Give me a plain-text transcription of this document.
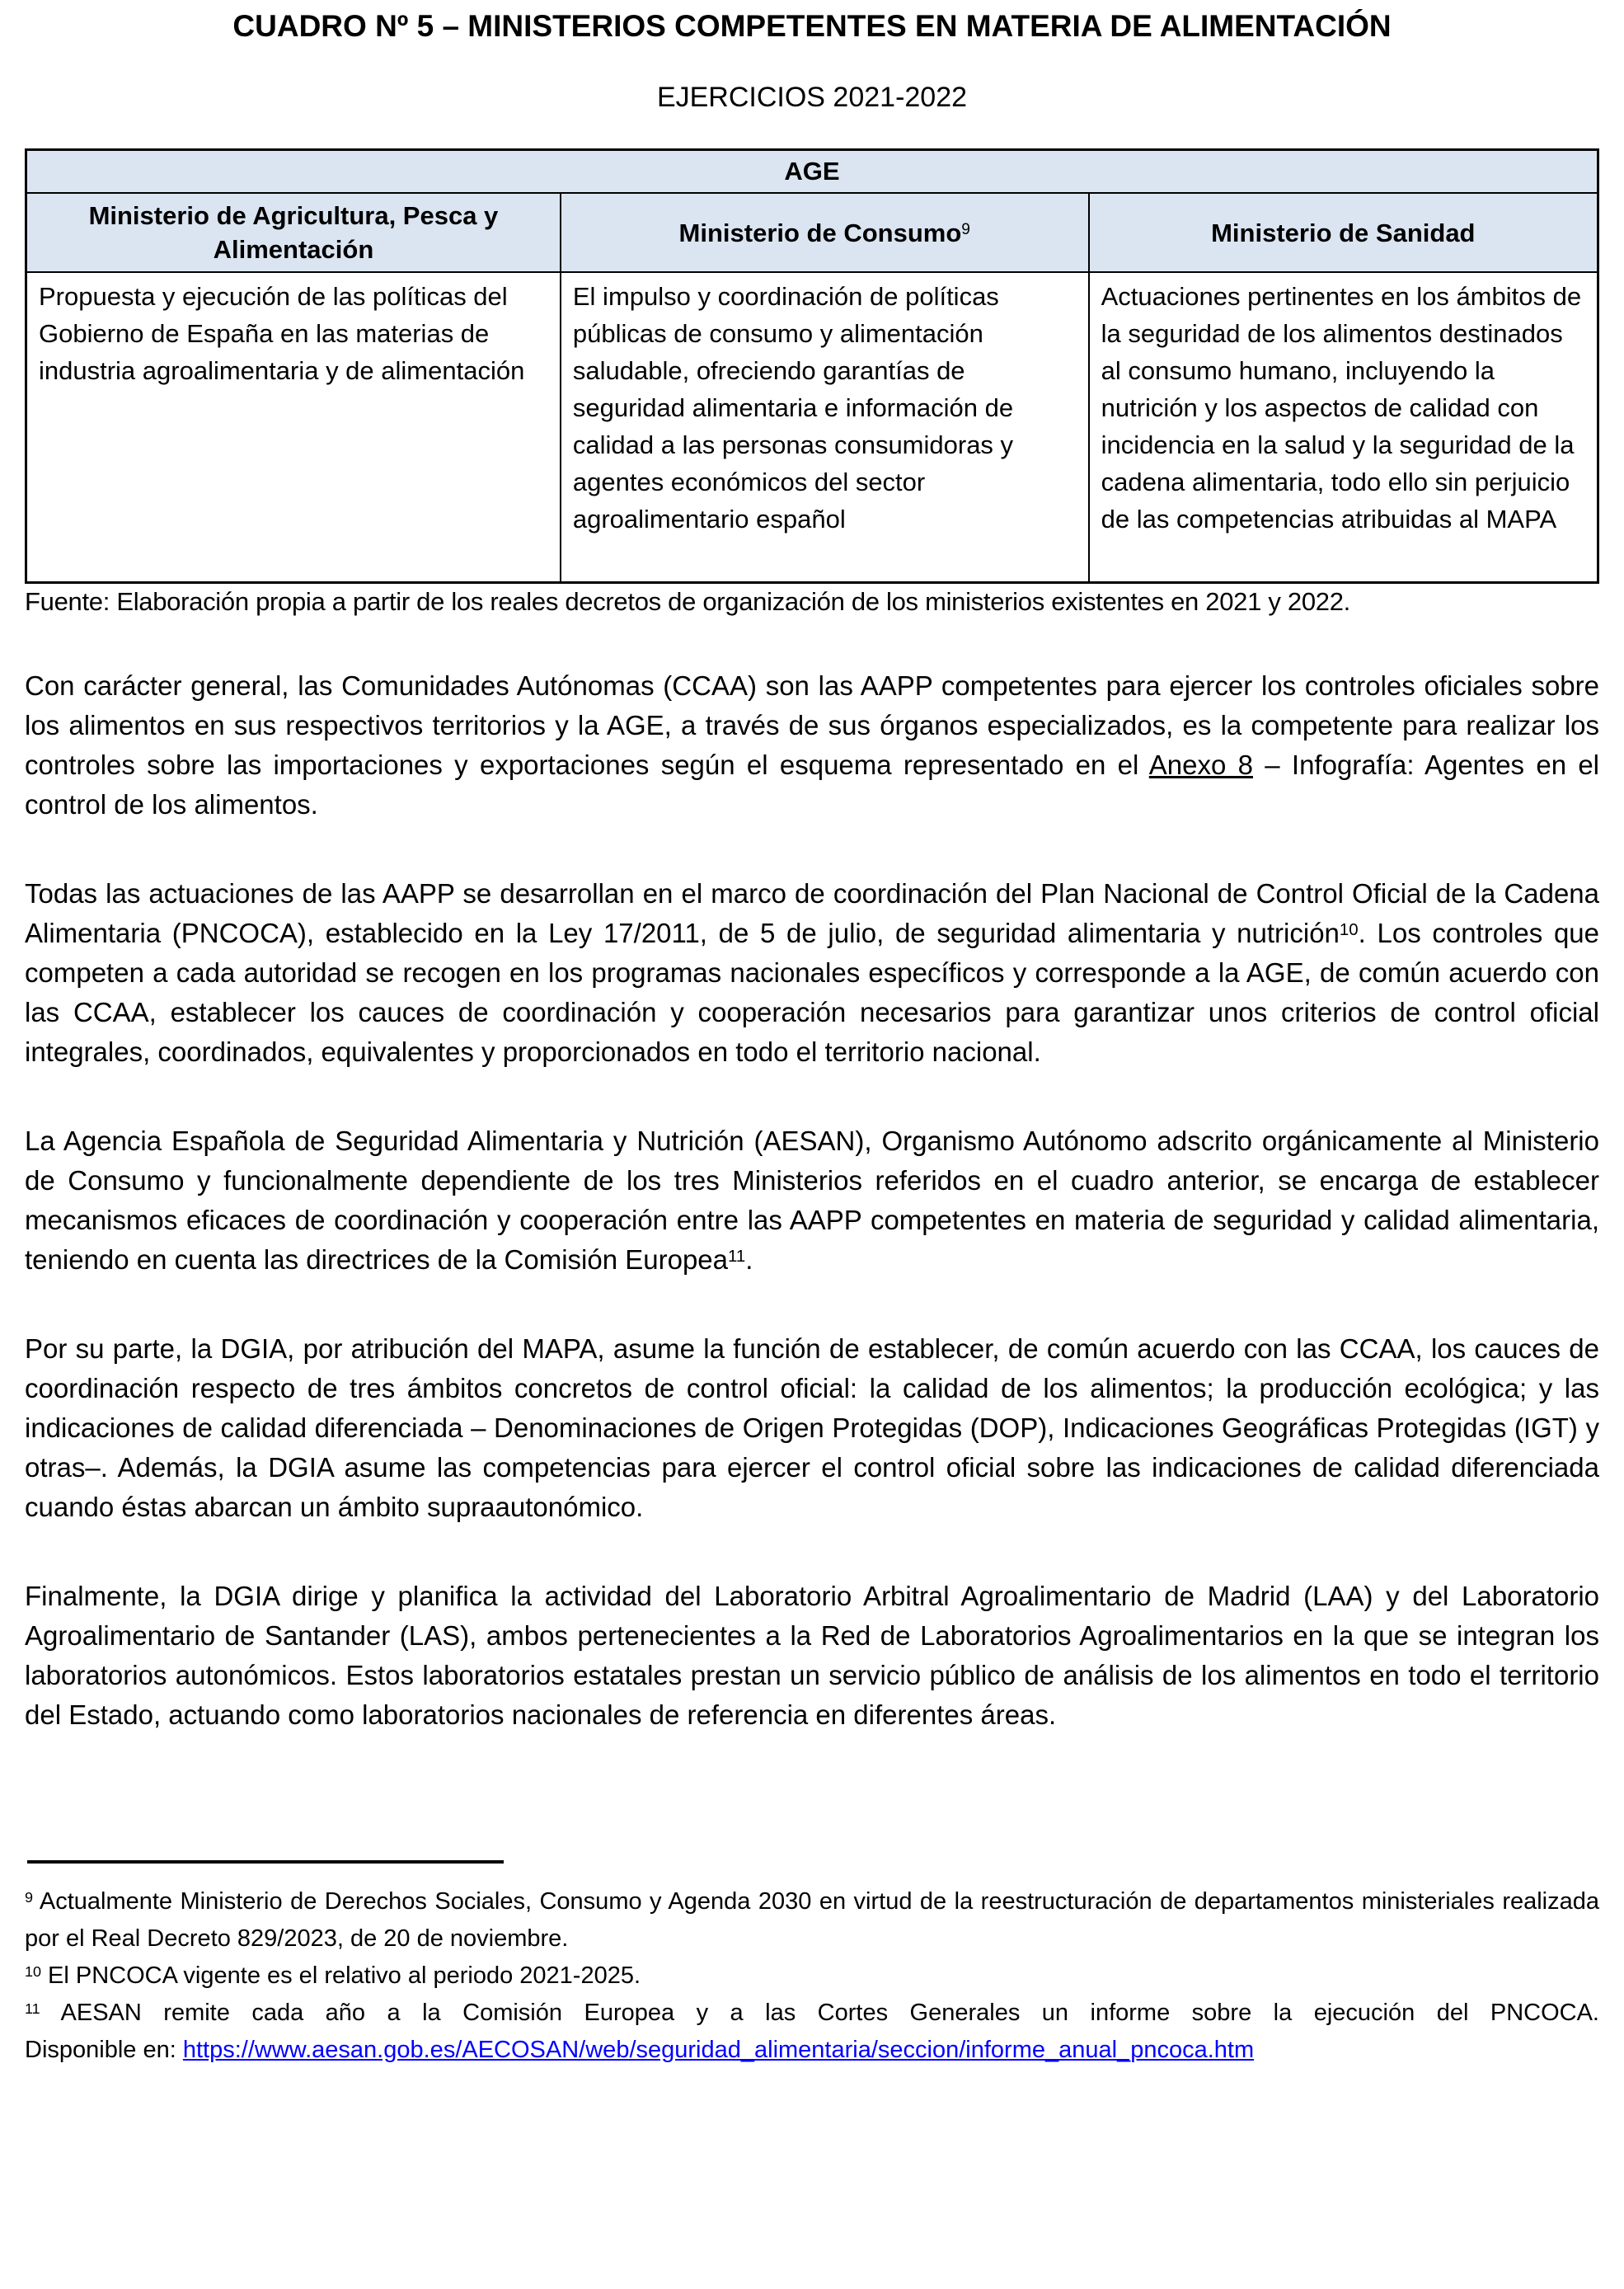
CUADRO Nº 5 – MINISTERIOS COMPETENTES EN MATERIA DE ALIMENTACIÓN
EJERCICIOS 2021-2022
AGE		
Ministerio de Agricultura, Pesca y Alimentación	Ministerio de Consumo$^9$	Ministerio de Sanidad
Propuesta y ejecución de las políticas del Gobierno de España en las materias de industria agroalimentaria y de alimentación	El impulso y coordinación de políticas públicas de consumo y alimentación saludable, ofreciendo garantías de seguridad alimentaria e información de calidad a las personas consumidoras y agentes económicos del sector agroalimentario español	Actuaciones pertinentes en los ámbitos de la seguridad de los alimentos destinados al consumo humano, incluyendo la nutrición y los aspectos de calidad con incidencia en la salud y la seguridad de la cadena alimentaria, todo ello sin perjuicio de las competencias atribuidas al MAPA

Fuente: Elaboración propia a partir de los reales decretos de organización de los ministerios existentes en 2021 y 2022.

Con carácter general, las Comunidades Autónomas (CCAA) son las AAPP competentes para ejercer los controles oficiales sobre los alimentos en sus respectivos territorios y la AGE, a través de sus órganos especializados, es la competente para realizar los controles sobre las importaciones y exportaciones según el esquema representado en el Anexo 8 – Infografía: Agentes en el control de los alimentos.

Todas las actuaciones de las AAPP se desarrollan en el marco de coordinación del Plan Nacional de Control Oficial de la Cadena Alimentaria (PNCOCA), establecido en la Ley 17/2011, de 5 de julio, de seguridad alimentaria y nutrición$^{10}$. Los controles que competen a cada autoridad se recogen en los programas nacionales específicos y corresponde a la AGE, de común acuerdo con las CCAA, establecer los cauces de coordinación y cooperación necesarios para garantizar unos criterios de control oficial integrales, coordinados, equivalentes y proporcionados en todo el territorio nacional.

La Agencia Española de Seguridad Alimentaria y Nutrición (AESAN), Organismo Autónomo adscrito orgánicamente al Ministerio de Consumo y funcionalmente dependiente de los tres Ministerios referidos en el cuadro anterior, se encarga de establecer mecanismos eficaces de coordinación y cooperación entre las AAPP competentes en materia de seguridad y calidad alimentaria, teniendo en cuenta las directrices de la Comisión Europea$^{11}$.

Por su parte, la DGIA, por atribución del MAPA, asume la función de establecer, de común acuerdo con las CCAA, los cauces de coordinación respecto de tres ámbitos concretos de control oficial: la calidad de los alimentos; la producción ecológica; y las indicaciones de calidad diferenciada – Denominaciones de Origen Protegidas (DOP), Indicaciones Geográficas Protegidas (IGT) y otras–. Además, la DGIA asume las competencias para ejercer el control oficial sobre las indicaciones de calidad diferenciada cuando éstas abarcan un ámbito supraautonómico.

Finalmente, la DGIA dirige y planifica la actividad del Laboratorio Arbitral Agroalimentario de Madrid (LAA) y del Laboratorio Agroalimentario de Santander (LAS), ambos pertenecientes a la Red de Laboratorios Agroalimentarios en la que se integran los laboratorios autonómicos. Estos laboratorios estatales prestan un servicio público de análisis de los alimentos en todo el territorio del Estado, actuando como laboratorios nacionales de referencia en diferentes áreas.

$^9$ Actualmente Ministerio de Derechos Sociales, Consumo y Agenda 2030 en virtud de la reestructuración de departamentos ministeriales realizada por el Real Decreto 829/2023, de 20 de noviembre.

$^{10}$ El PNCOCA vigente es el relativo al periodo 2021-2025.

$^{11}$ AESAN remite cada año a la Comisión Europea y a las Cortes Generales un informe sobre la ejecución del PNCOCA. Disponible en: https://www.aesan.gob.es/AECOSAN/web/seguridad_alimentaria/seccion/informe_anual_pncoca.htm
